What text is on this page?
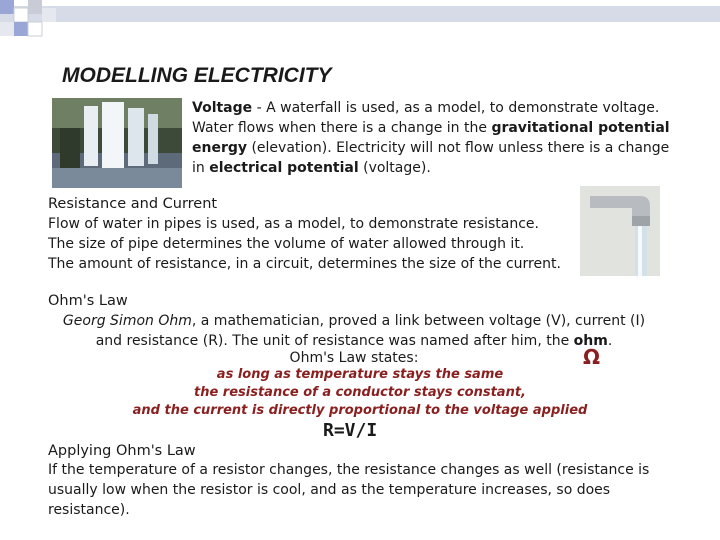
MODELLING ELECTRICITY
Voltage - A waterfall is used, as a model, to demonstrate voltage. Water flows when there is a change in the gravitational potential energy (elevation). Electricity will not flow unless there is a change in electrical potential (voltage).
Resistance and Current
Flow of water in pipes is used, as a model, to demonstrate resistance.
The size of pipe determines the volume of water allowed through it.
The amount of resistance, in a circuit, determines the size of the current.
Ohm's Law
Georg Simon Ohm, a mathematician, proved a link between voltage (V), current (I) and resistance (R). The unit of resistance was named after him, the ohm.
Ohm's Law states:	Ω
as long as temperature stays the same
the resistance of a conductor stays constant,
and the current is directly proportional to the voltage applied
R=V/I
Applying Ohm's Law
If the temperature of a resistor changes, the resistance changes as well (resistance is usually low when the resistor is cool, and as the temperature increases, so does resistance).
